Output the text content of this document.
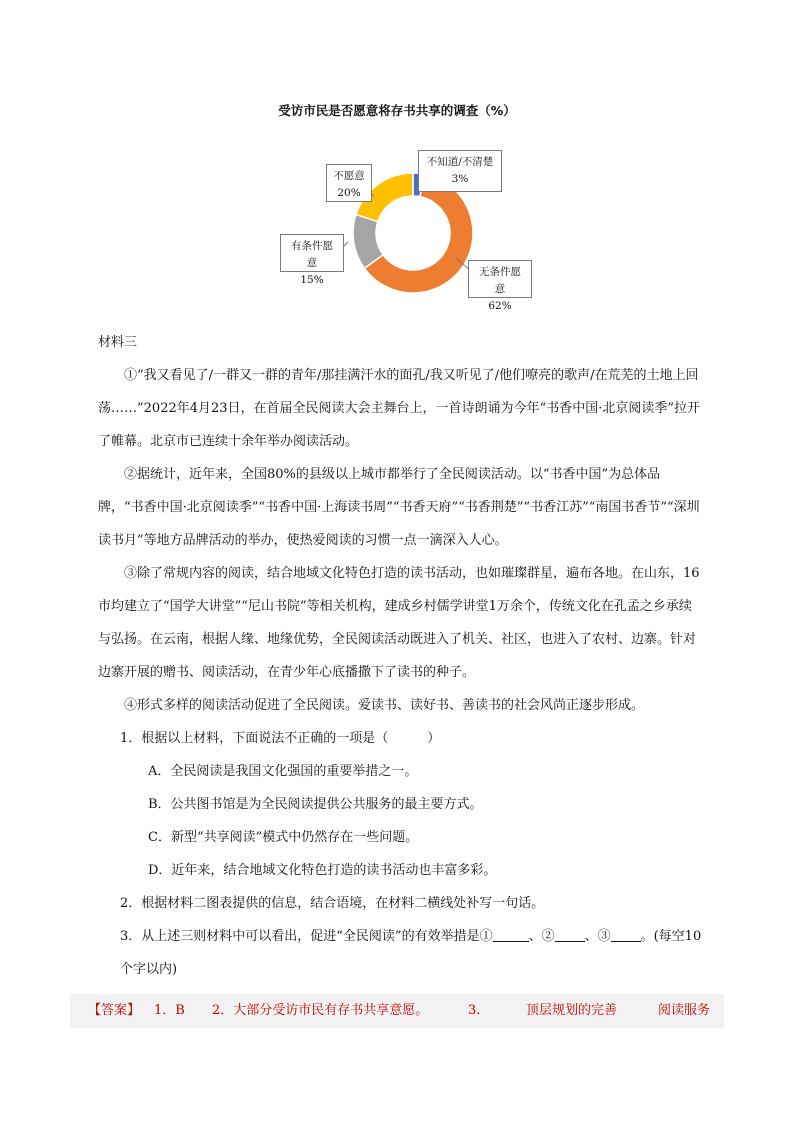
受访市民是否愿意将存书共享的调查（%）
不知道/不清楚
3%
无条件愿意
62%
有条件愿意
15%
不愿意
20%

材料三

①“我又看见了/一群又一群的青年/那挂满汗水的面孔/我又听见了/他们嘹亮的歌声/在荒芜的土地上回荡……”2022年4月23日，在首届全民阅读大会主舞台上，一首诗朗诵为今年“书香中国·北京阅读季”拉开了帷幕。北京市已连续十余年举办阅读活动。

②据统计，近年来，全国80%的县级以上城市都举行了全民阅读活动。以“书香中国”为总体品牌，“书香中国·北京阅读季”“书香中国·上海读书周”“书香天府”“书香荆楚”“书香江苏”“南国书香节”“深圳读书月”等地方品牌活动的举办，使热爱阅读的习惯一点一滴深入人心。

③除了常规内容的阅读，结合地域文化特色打造的读书活动，也如璀璨群星，遍布各地。在山东，16市均建立了“国学大讲堂”“尼山书院”等相关机构，建成乡村儒学讲堂1万余个，传统文化在孔孟之乡承续与弘扬。在云南，根据人缘、地缘优势，全民阅读活动既进入了机关、社区，也进入了农村、边寨。针对边寨开展的赠书、阅读活动，在青少年心底播撒下了读书的种子。

④形式多样的阅读活动促进了全民阅读。爱读书、读好书、善读书的社会风尚正逐步形成。

1．根据以上材料，下面说法不正确的一项是（　　　）

A．全民阅读是我国文化强国的重要举措之一。

B．公共图书馆是为全民阅读提供公共服务的最主要方式。

C．新型“共享阅读”模式中仍然存在一些问题。

D．近年来，结合地域文化特色打造的读书活动也丰富多彩。

2．根据材料二图表提供的信息，结合语境，在材料二横线处补写一句话。

3．从上述三则材料中可以看出，促进“全民阅读”的有效举措是①	、② 、③ 。(每空10个字以内)

【答案】 1．B 2．大部分受访市民有存书共享意愿。	3．	顶层规划的完善	阅读服务
